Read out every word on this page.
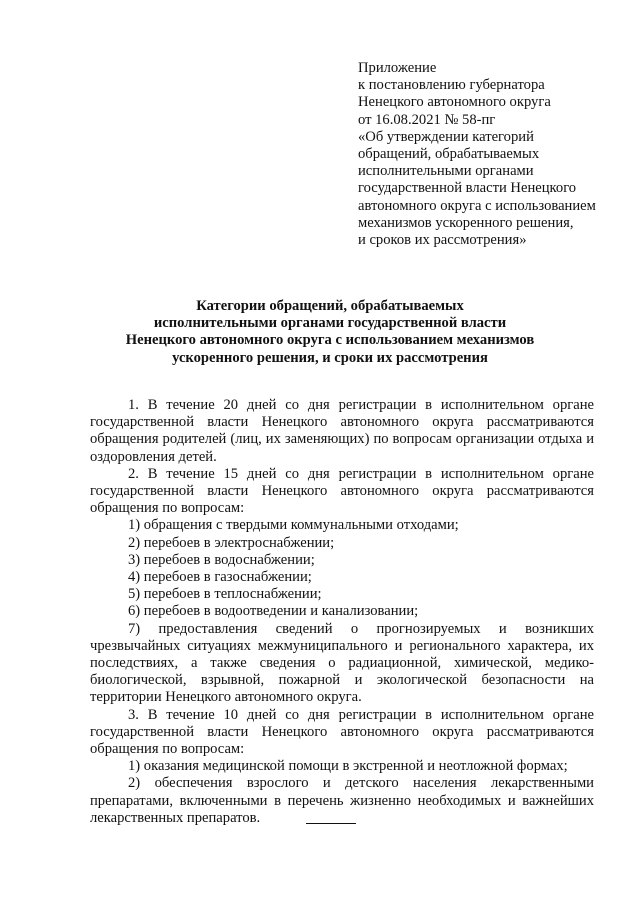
Приложение
к постановлению губернатора
Ненецкого автономного округа
от 16.08.2021 № 58-пг
«Об утверждении категорий
обращений, обрабатываемых
исполнительными органами
государственной власти Ненецкого
автономного округа с использованием
механизмов ускоренного решения,
и сроков их рассмотрения»
Категории обращений, обрабатываемых
исполнительными органами государственной власти
Ненецкого автономного округа с использованием механизмов
ускоренного решения, и сроки их рассмотрения

1. В течение 20 дней со дня регистрации в исполнительном органе

государственной власти Ненецкого автономного округа рассматриваются обращения родителей (лиц, их заменяющих) по вопросам организации отдыха и оздоровления детей.

2. В течение 15 дней со дня регистрации в исполнительном органе

государственной власти Ненецкого автономного округа рассматриваются

обращения по вопросам:

1) обращения с твердыми коммунальными отходами;

2) перебоев в электроснабжении;

3) перебоев в водоснабжении;

4) перебоев в газоснабжении;

5) перебоев в теплоснабжении;

6) перебоев в водоотведении и канализовании;

7) предоставления сведений о прогнозируемых и возникших чрезвычайных ситуациях межмуниципального и регионального характера, их последствиях, а также сведения о радиационной, химической, медико-биологической, взрывной, пожарной и экологической безопасности на территории Ненецкого автономного округа.

3. В течение 10 дней со дня регистрации в исполнительном органе

государственной власти Ненецкого автономного округа рассматриваются

обращения по вопросам:

1) оказания медицинской помощи в экстренной и неотложной формах;

2) обеспечения взрослого и детского населения лекарственными препаратами, включенными в перечень жизненно необходимых и важнейших лекарственных препаратов.
